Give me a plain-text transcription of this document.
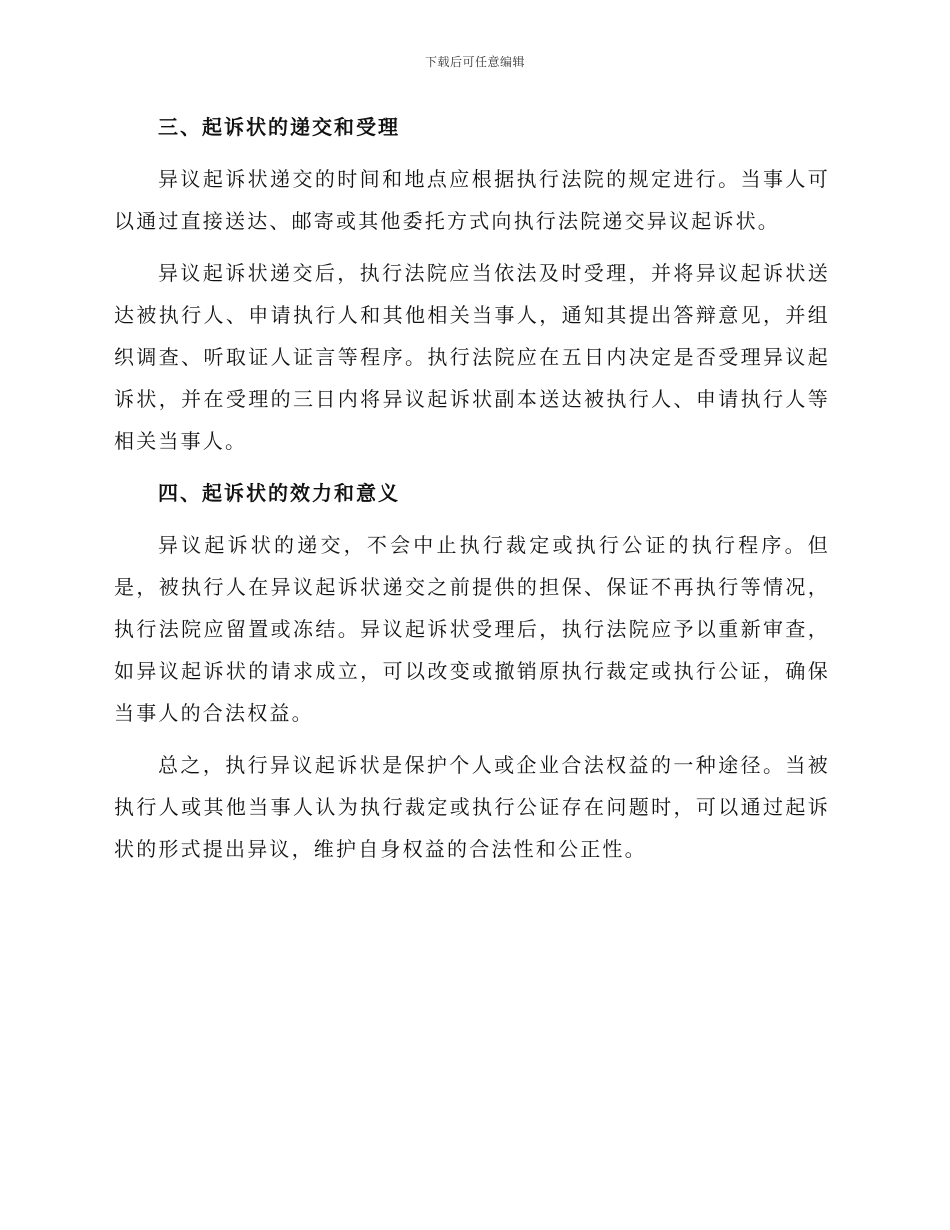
下载后可任意编辑
三、起诉状的递交和受理

异议起诉状递交的时间和地点应根据执行法院的规定进行。当事人可以通过直接送达、邮寄或其他委托方式向执行法院递交异议起诉状。

异议起诉状递交后，执行法院应当依法及时受理，并将异议起诉状送达被执行人、申请执行人和其他相关当事人，通知其提出答辩意见，并组织调查、听取证人证言等程序。执行法院应在五日内决定是否受理异议起诉状，并在受理的三日内将异议起诉状副本送达被执行人、申请执行人等相关当事人。

四、起诉状的效力和意义

异议起诉状的递交，不会中止执行裁定或执行公证的执行程序。但是，被执行人在异议起诉状递交之前提供的担保、保证不再执行等情况，执行法院应留置或冻结。异议起诉状受理后，执行法院应予以重新审查，如异议起诉状的请求成立，可以改变或撤销原执行裁定或执行公证，确保当事人的合法权益。

总之，执行异议起诉状是保护个人或企业合法权益的一种途径。当被执行人或其他当事人认为执行裁定或执行公证存在问题时，可以通过起诉状的形式提出异议，维护自身权益的合法性和公正性。
